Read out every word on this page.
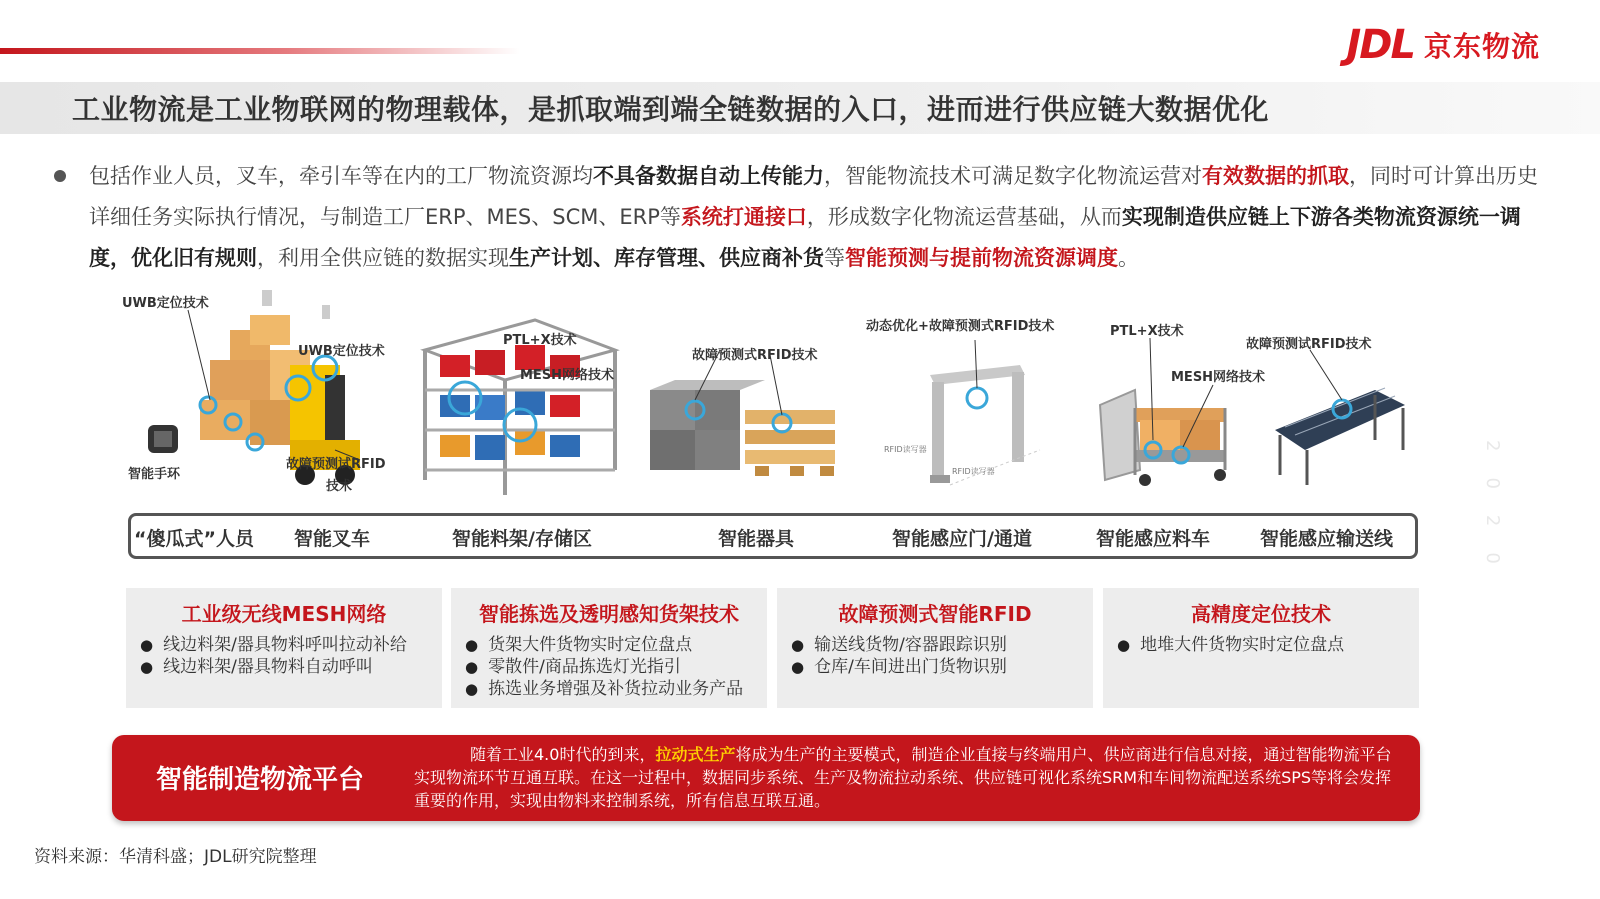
JDL 京东物流
工业物流是工业物联网的物理载体，是抓取端到端全链数据的入口，进而进行供应链大数据优化
包括作业人员，叉车，牵引车等在内的工厂物流资源均不具备数据自动上传能力，智能物流技术可满足数字化物流运营对有效数据的抓取，同时可计算出历史详细任务实际执行情况，与制造工厂ERP、MES、SCM、ERP等系统打通接口，形成数字化物流运营基础，从而实现制造供应链上下游各类物流资源统一调度，优化旧有规则，利用全供应链的数据实现生产计划、库存管理、供应商补货等智能预测与提前物流资源调度。
UWB定位技术
UWB定位技术
智能手环
故障预测试RFID
技术
PTL+X技术
MESH网络技术
故障预测式RFID技术
动态优化+故障预测式RFID技术
RFID读写器
RFID读写器
PTL+X技术
MESH网络技术
故障预测试RFID技术
“傻瓜式”人员 智能叉车	智能料架/存储区	智能器具	智能感应门/通道	智能感应料车	智能感应输送线
工业级无线MESH网络
● 线边料架/器具物料呼叫拉动补给
● 线边料架/器具物料自动呼叫
智能拣选及透明感知货架技术
● 货架大件货物实时定位盘点
● 零散件/商品拣选灯光指引
● 拣选业务增强及补货拉动业务产品
故障预测式智能RFID
● 输送线货物/容器跟踪识别
● 仓库/车间进出门货物识别
高精度定位技术
● 地堆大件货物实时定位盘点
智能制造物流平台
随着工业4.0时代的到来，拉动式生产将成为生产的主要模式，制造企业直接与终端用户、供应商进行信息对接，通过智能物流平台实现物流环节互通互联。在这一过程中，数据同步系统、生产及物流拉动系统、供应链可视化系统SRM和车间物流配送系统SPS等将会发挥重要的作用，实现由物料来控制系统，所有信息互联互通。
资料来源：华清科盛；JDL研究院整理
2020
